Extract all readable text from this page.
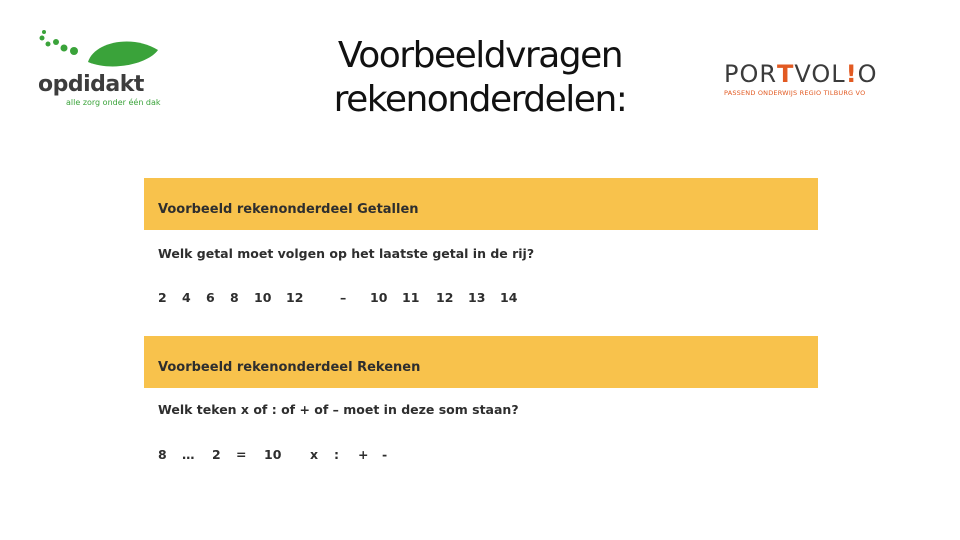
opdidakt
alle zorg onder één dak
Voorbeeldvragen
rekenonderdelen:
PORTVOL!O
PASSEND ONDERWIJS REGIO TILBURG VO
Voorbeeld rekenonderdeel Getallen
Welk getal moet volgen op het laatste getal in de rij?
2 4 6 8 10 12	– 10 11 12 13 14
Voorbeeld rekenonderdeel Rekenen
Welk teken x of : of + of – moet in deze som staan?
8 … 2 = 10 x : + -
